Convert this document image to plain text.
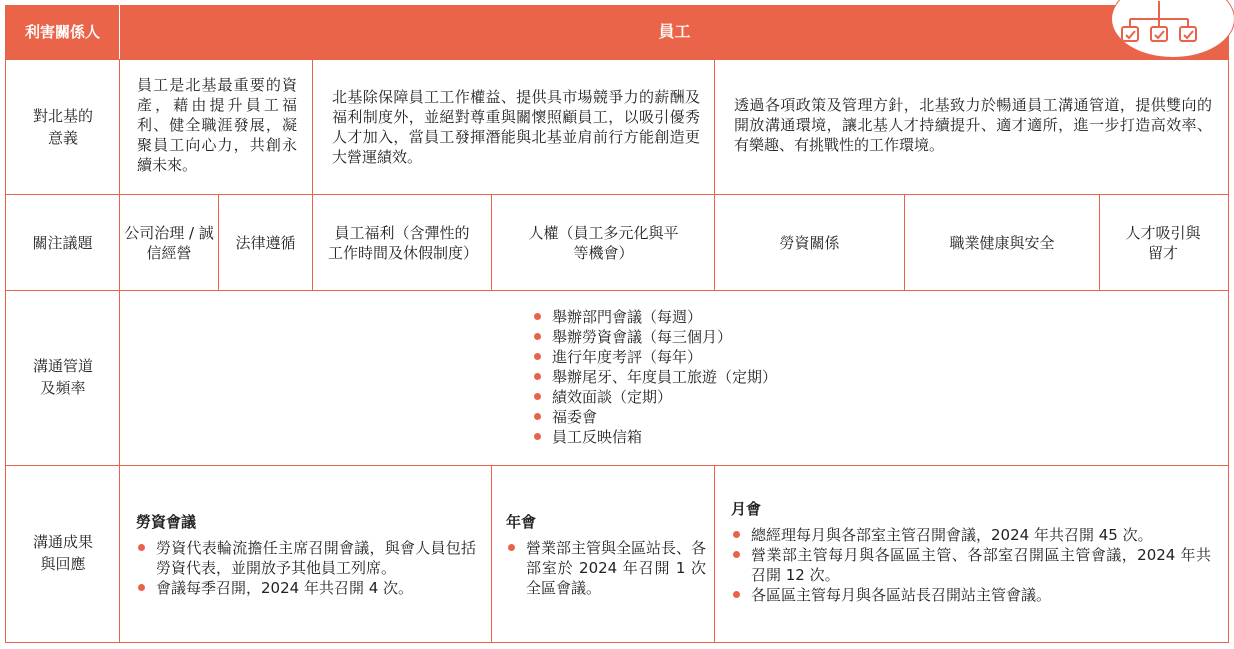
利害關係人	員工
對北基的意義
員工是北基最重要的資產，藉由提升員工福利、健全職涯發展，凝聚員工向心力，共創永續未來。
北基除保障員工工作權益、提供具市場競爭力的薪酬及福利制度外，並絕對尊重與關懷照顧員工，以吸引優秀人才加入，當員工發揮潛能與北基並肩前行方能創造更大營運績效。
透過各項政策及管理方針，北基致力於暢通員工溝通管道，提供雙向的開放溝通環境，讓北基人才持續提升、適才適所，進一步打造高效率、有樂趣、有挑戰性的工作環境。
關注議題
公司治理 / 誠信經營
法律遵循
員工福利（含彈性的工作時間及休假制度）
人權（員工多元化與平等機會）
勞資關係	職業健康與安全
人才吸引與留才
溝通管道及頻率
舉辦部門會議（每週）
舉辦勞資會議（每三個月）
進行年度考評（每年）
舉辦尾牙、年度員工旅遊（定期）
績效面談（定期）
福委會
員工反映信箱
溝通成果與回應
勞資會議
勞資代表輪流擔任主席召開會議，與會人員包括勞資代表，並開放予其他員工列席。
會議每季召開，2024 年共召開 4 次。
年會
營業部主管與全區站長、各部室於 2024 年召開 1 次全區會議。
月會
總經理每月與各部室主管召開會議，2024 年共召開 45 次。
營業部主管每月與各區區主管、各部室召開區主管會議，2024 年共召開 12 次。
各區區主管每月與各區站長召開站主管會議。
